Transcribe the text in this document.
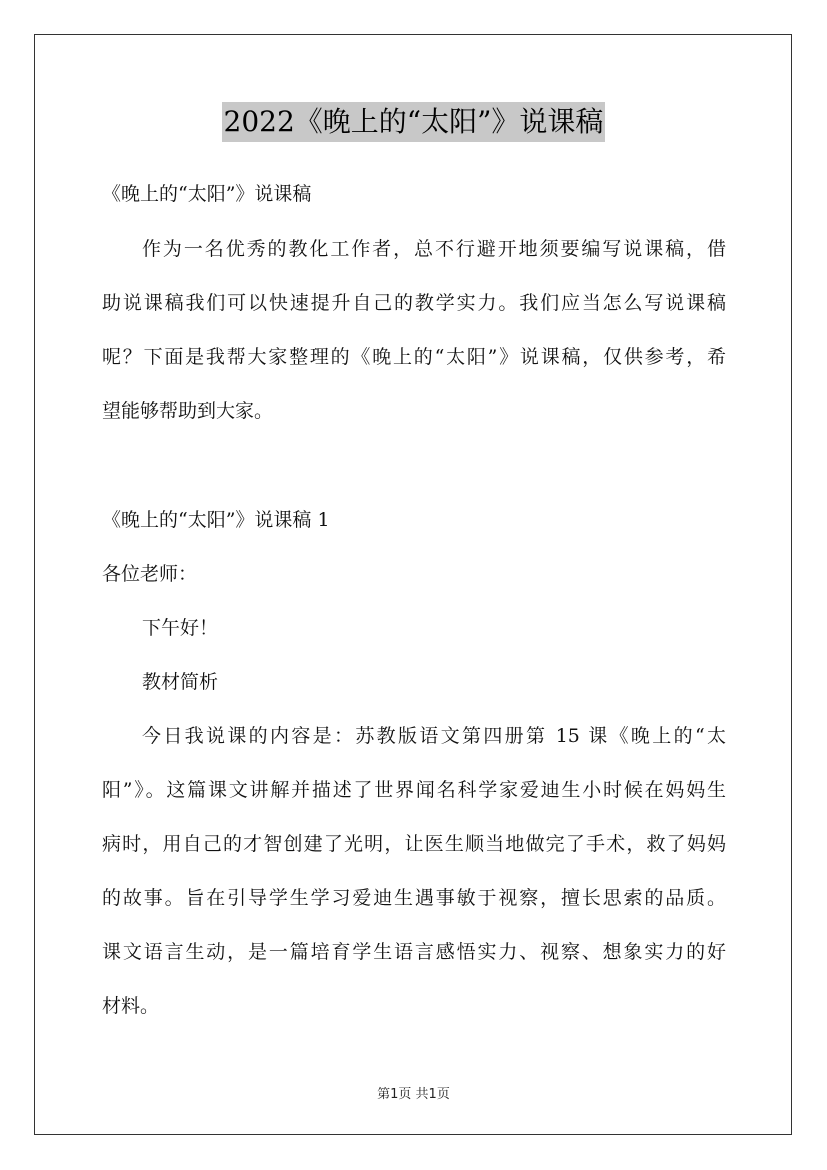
2022《晚上的“太阳”》说课稿
《晚上的“太阳”》说课稿
作为一名优秀的教化工作者，总不行避开地须要编写说课稿，借
助说课稿我们可以快速提升自己的教学实力。我们应当怎么写说课稿
呢？下面是我帮大家整理的《晚上的“太阳”》说课稿，仅供参考，希
望能够帮助到大家。
《晚上的“太阳”》说课稿 1
各位老师：
下午好！
教材简析
今日我说课的内容是：苏教版语文第四册第 15 课《晚上的“太
阳”》。这篇课文讲解并描述了世界闻名科学家爱迪生小时候在妈妈生
病时，用自己的才智创建了光明，让医生顺当地做完了手术，救了妈妈
的故事。旨在引导学生学习爱迪生遇事敏于视察，擅长思索的品质。
课文语言生动，是一篇培育学生语言感悟实力、视察、想象实力的好
材料。
第1页 共1页
